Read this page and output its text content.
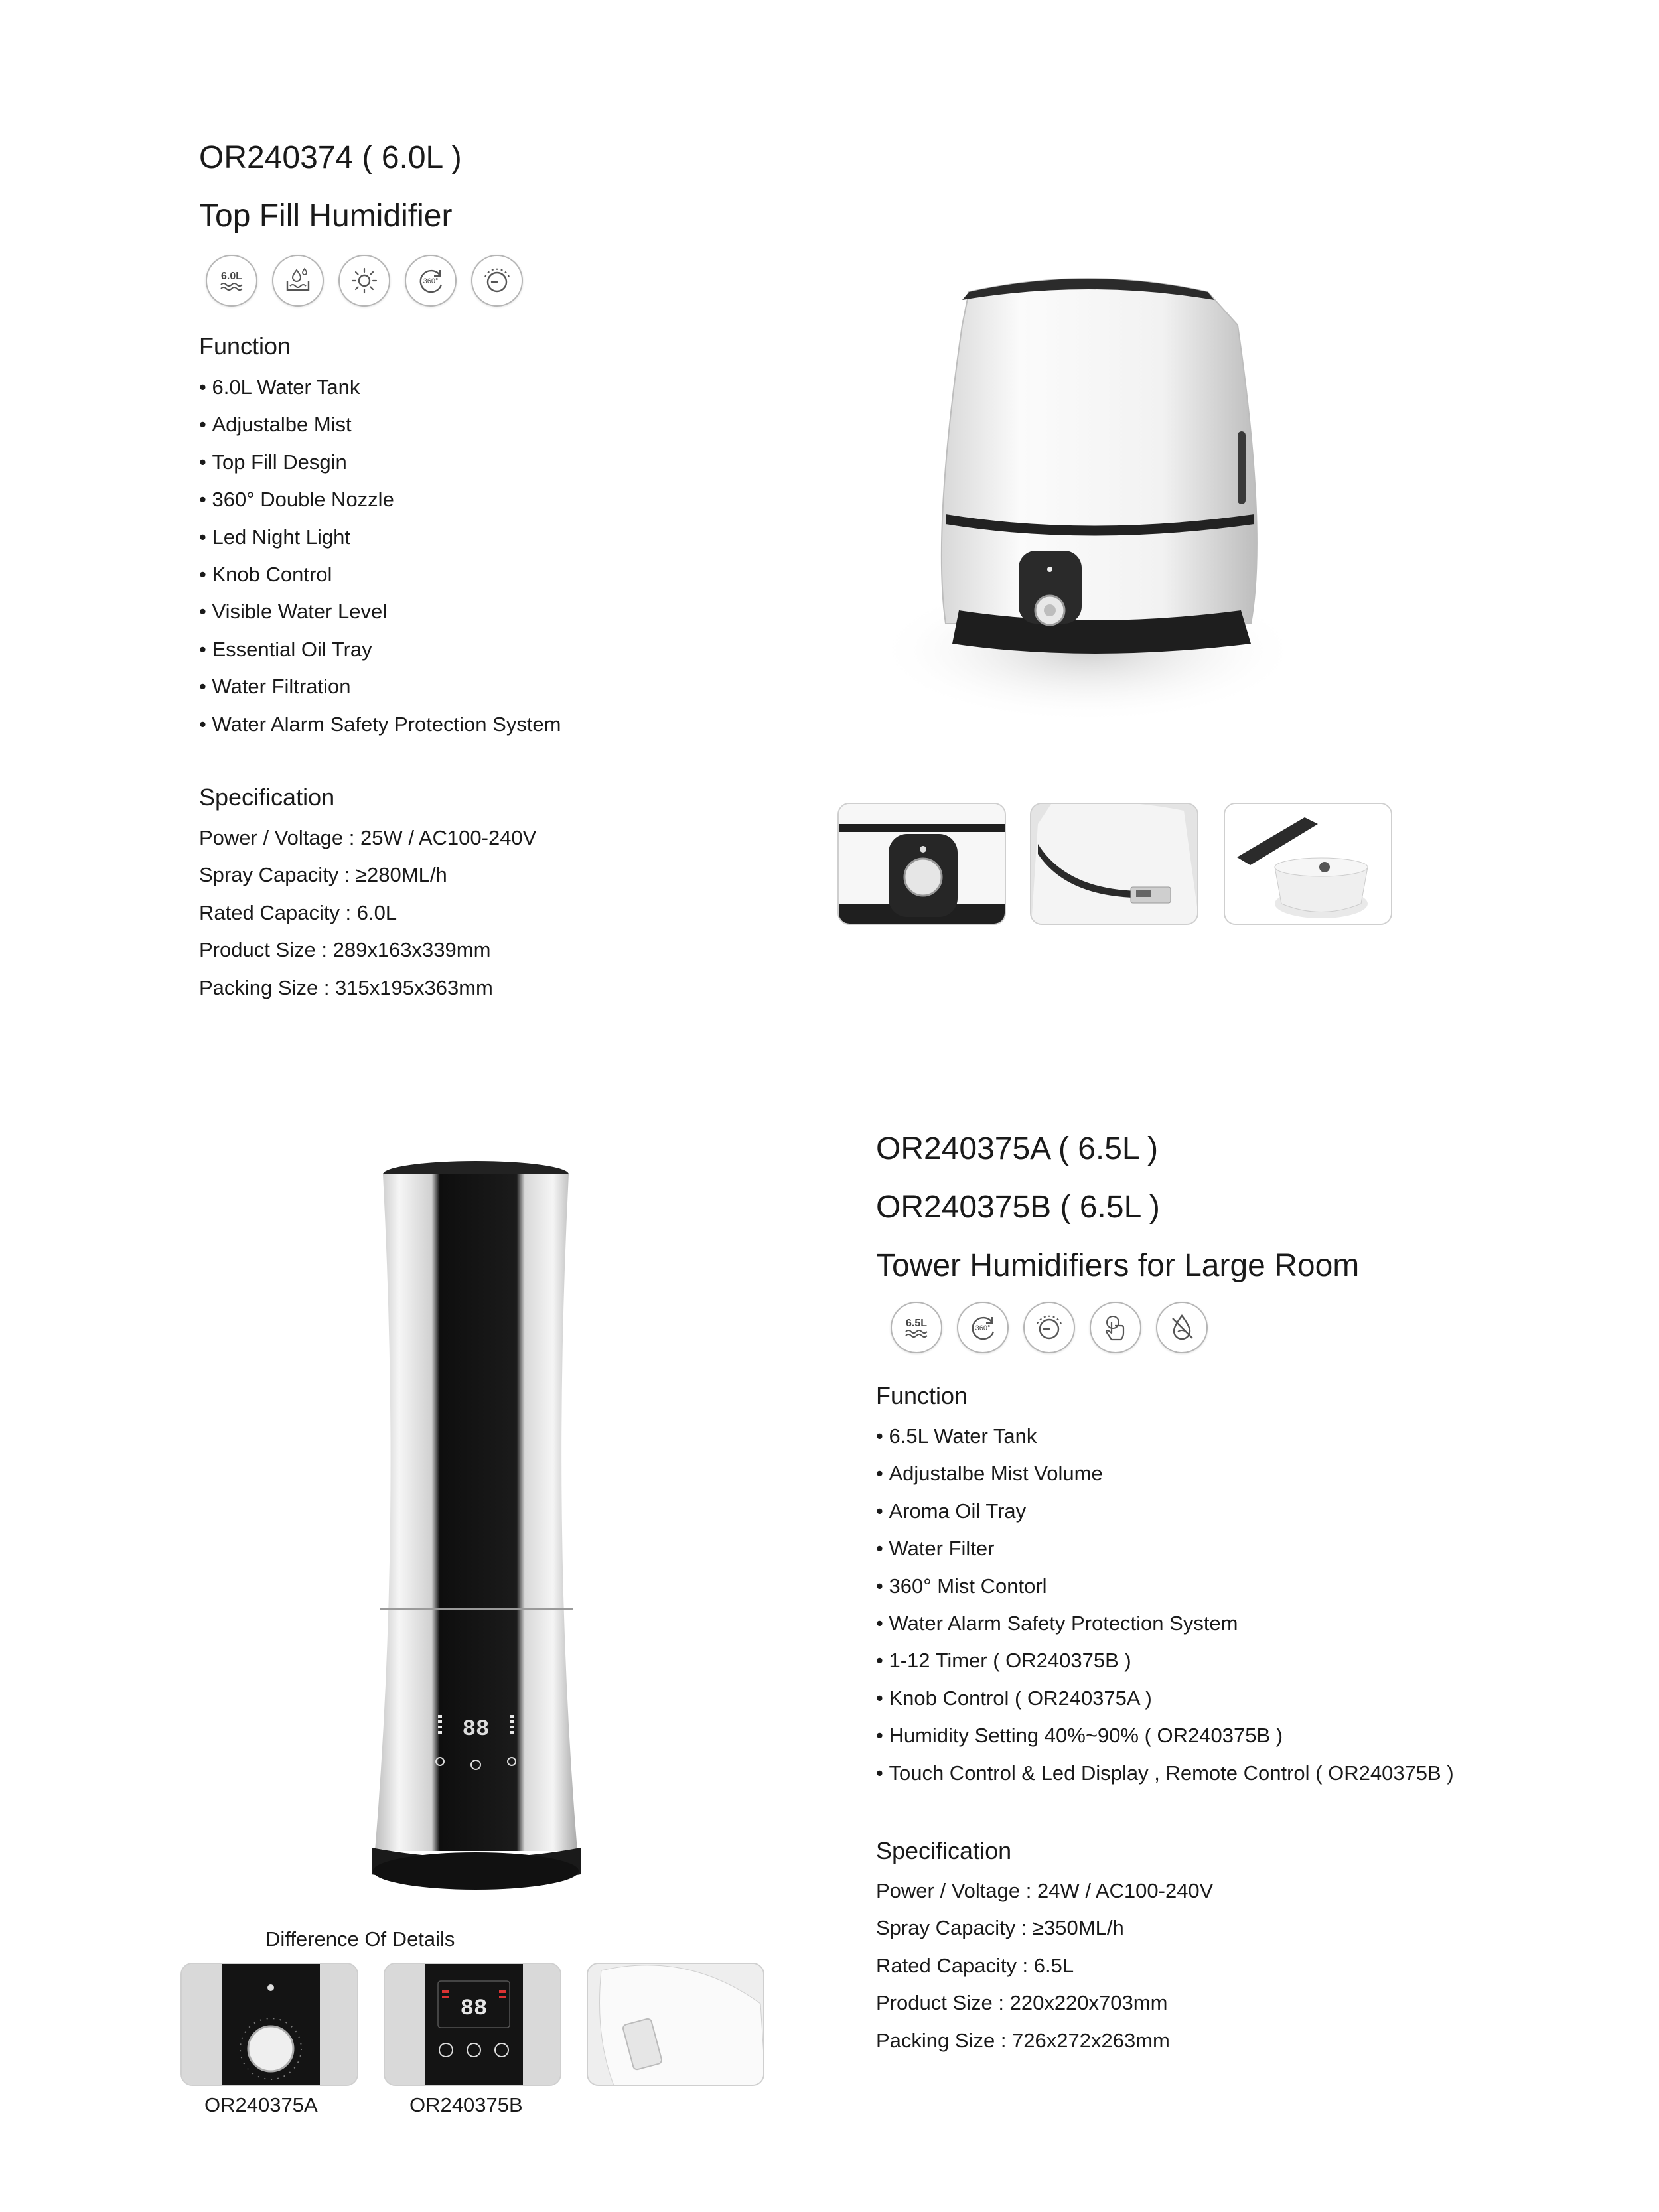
OR240374 ( 6.0L )
Top Fill Humidifier
6.0L	360°
Function
• 6.0L Water Tank
• Adjustalbe Mist
• Top Fill Desgin
• 360° Double Nozzle
• Led Night Light
• Knob Control
• Visible Water Level
• Essential Oil Tray
• Water Filtration
• Water Alarm Safety Protection System
Specification
Power / Voltage : 25W / AC100-240V
Spray Capacity : ≥280ML/h
Rated Capacity : 6.0L
Product Size : 289x163x339mm
Packing Size : 315x195x363mm
88
Difference Of Details
88
OR240375A	OR240375B
OR240375A ( 6.5L )
OR240375B ( 6.5L )
Tower Humidifiers for Large Room
6.5L	360°
Function
• 6.5L Water Tank
• Adjustalbe Mist Volume
• Aroma Oil Tray
• Water Filter
• 360° Mist Contorl
• Water Alarm Safety Protection System
• 1-12 Timer ( OR240375B )
• Knob Control ( OR240375A )
• Humidity Setting 40%~90% ( OR240375B )
• Touch Control & Led Display , Remote Control ( OR240375B )
Specification
Power / Voltage : 24W / AC100-240V
Spray Capacity : ≥350ML/h
Rated Capacity : 6.5L
Product Size : 220x220x703mm
Packing Size : 726x272x263mm
